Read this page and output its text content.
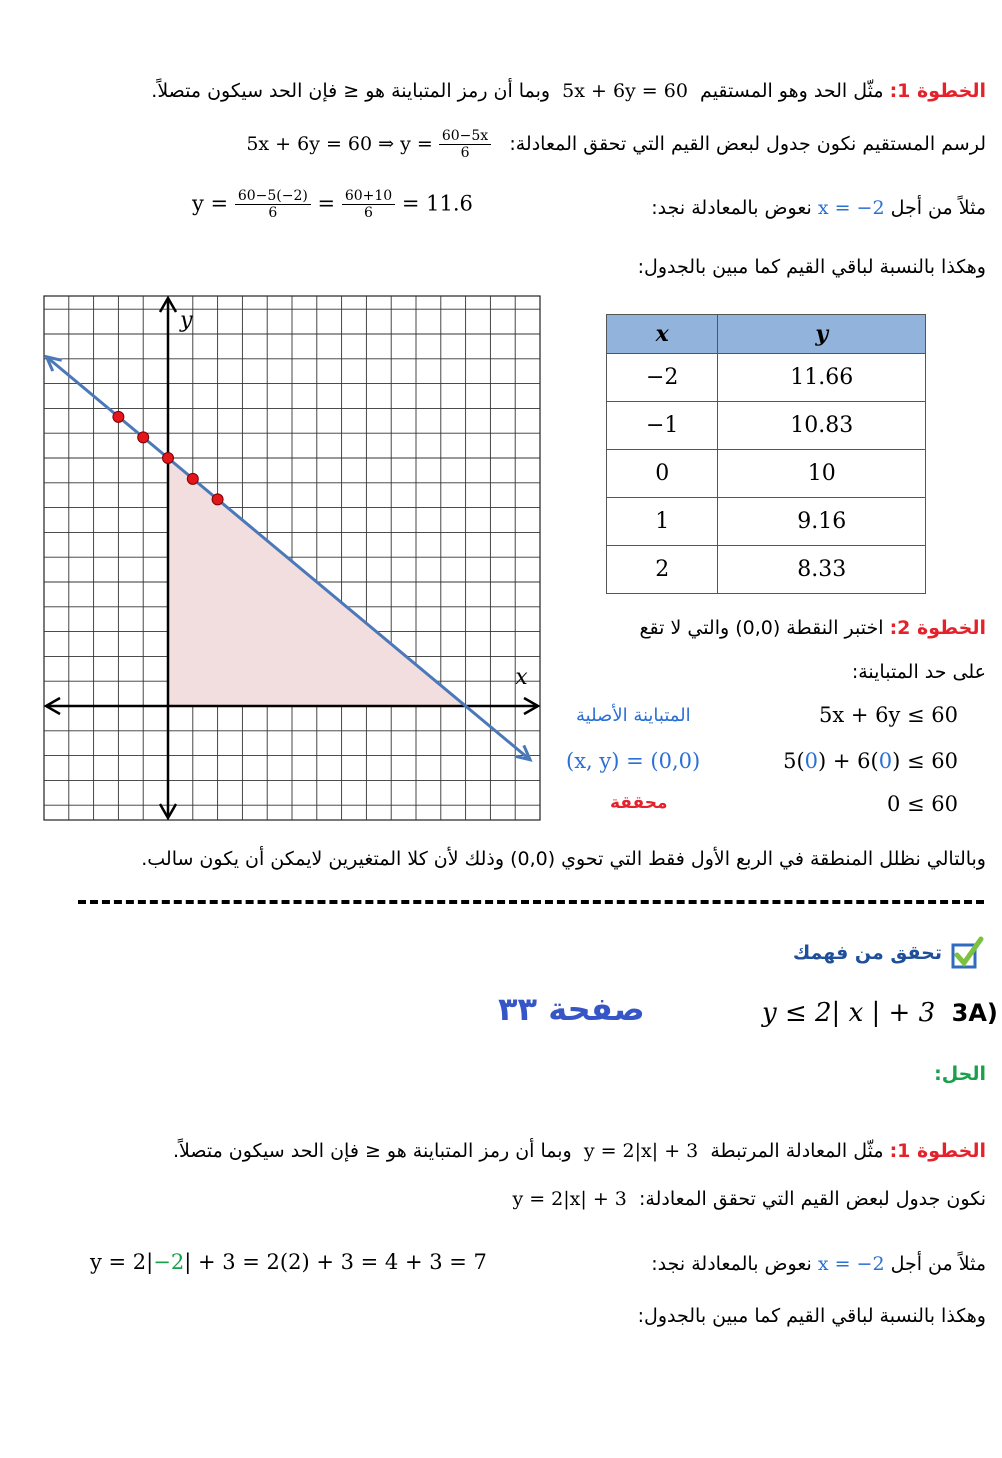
الخطوة 1: مثّل الحد وهو المستقيم  5x + 6y = 60  وبما أن رمز المتباينة هو ≤ فإن الحد سيكون متصلاً.
لرسم المستقيم نكون جدول لبعض القيم التي تحقق المعادلة:   5x + 6y = 60 ⇒ $y = \frac{60-5x}{6}$
مثلاً من أجل x = −2 نعوض بالمعادلة نجد:
$y = \frac{60-5(-2)}{6} = \frac{60+10}{6} = 11.6$
وهكذا بالنسبة لباقي القيم كما مبين بالجدول:
x	y
−2	11.66
−1	10.83
0	10
1	9.16
2	8.33
x
y
الخطوة 2: اختبر النقطة (0,0) والتي لا تقع
على حد المتباينة:
5x + 6y ≤ 60
المتباينة الأصلية
5(0) + 6(0) ≤ 60
(x, y) = (0,0)
0 ≤ 60
محققة
وبالتالي نظلل المنطقة في الربع الأول فقط التي تحوي (0,0) وذلك لأن كلا المتغيرين لايمكن أن يكون سالب.
تحقق من فهمك
صفحة ٣٣	y ≤ 2| x | + 3 3A)
الحل:
الخطوة 1: مثّل المعادلة المرتبطة  y = 2|x| + 3  وبما أن رمز المتباينة هو ≤ فإن الحد سيكون متصلاً.
نكون جدول لبعض القيم التي تحقق المعادلة:  y = 2|x| + 3
مثلاً من أجل x = −2 نعوض بالمعادلة نجد:
y = 2|−2| + 3 = 2(2) + 3 = 4 + 3 = 7
وهكذا بالنسبة لباقي القيم كما مبين بالجدول:
